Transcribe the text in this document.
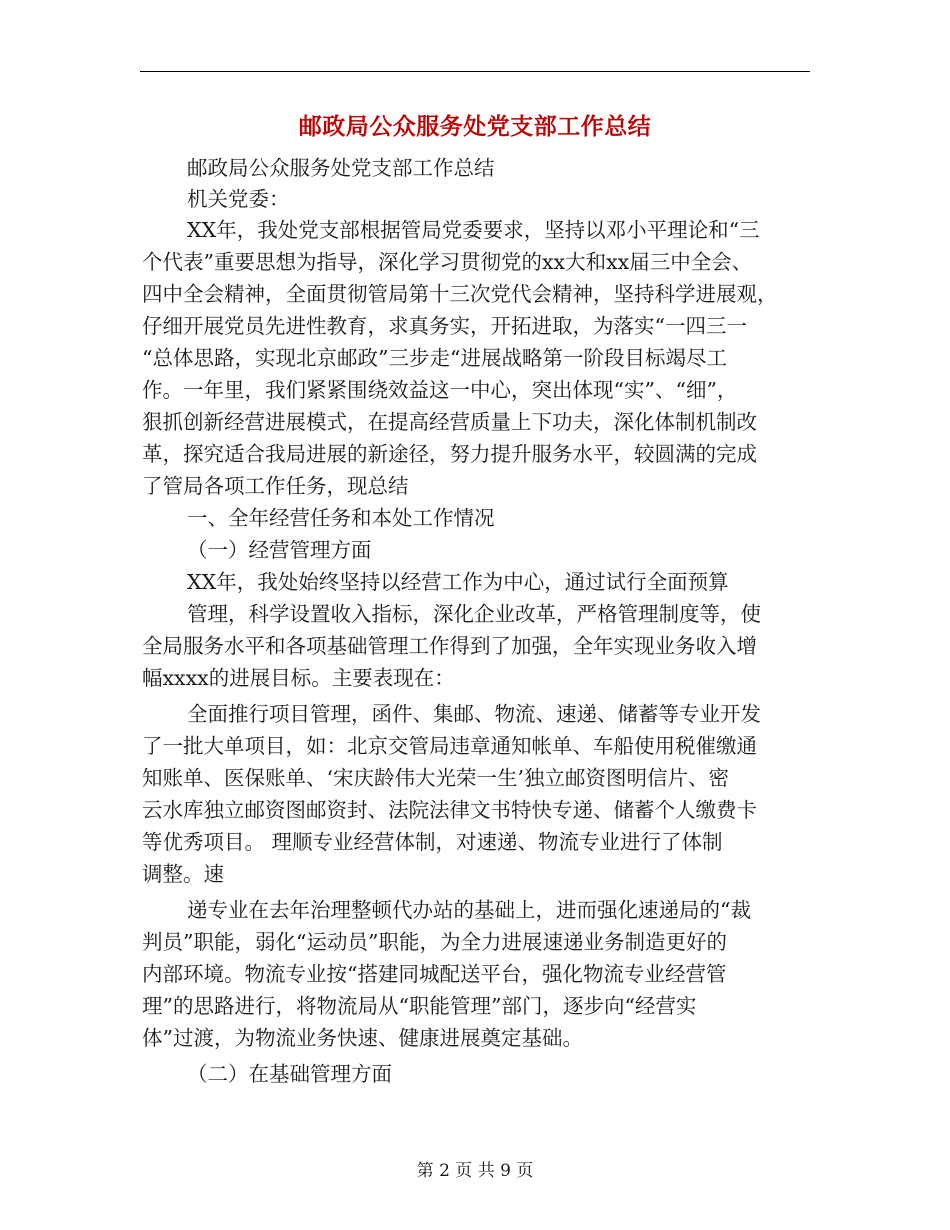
邮政局公众服务处党支部工作总结
邮政局公众服务处党支部工作总结
机关党委：
XX年，我处党支部根据管局党委要求，坚持以邓小平理论和“三
个代表”重要思想为指导，深化学习贯彻党的xx大和xx届三中全会、
四中全会精神，全面贯彻管局第十三次党代会精神，坚持科学进展观，
仔细开展党员先进性教育，求真务实，开拓进取，为落实“一四三一
“总体思路，实现北京邮政”三步走“进展战略第一阶段目标竭尽工
作。一年里，我们紧紧围绕效益这一中心，突出体现“实”、“细”，
狠抓创新经营进展模式，在提高经营质量上下功夫，深化体制机制改
革，探究适合我局进展的新途径，努力提升服务水平，较圆满的完成
了管局各项工作任务，现总结
一、全年经营任务和本处工作情况
（一）经营管理方面
XX年，我处始终坚持以经营工作为中心，通过试行全面预算
管理，科学设置收入指标，深化企业改革，严格管理制度等，使
全局服务水平和各项基础管理工作得到了加强，全年实现业务收入增
幅xxxx的进展目标。主要表现在：
全面推行项目管理，函件、集邮、物流、速递、储蓄等专业开发
了一批大单项目，如：北京交管局违章通知帐单、车船使用税催缴通
知账单、医保账单、‘宋庆龄伟大光荣一生’独立邮资图明信片、密
云水库独立邮资图邮资封、法院法律文书特快专递、储蓄个人缴费卡
等优秀项目。 理顺专业经营体制，对速递、物流专业进行了体制
调整。速
递专业在去年治理整顿代办站的基础上，进而强化速递局的“裁
判员”职能，弱化“运动员”职能，为全力进展速递业务制造更好的
内部环境。物流专业按“搭建同城配送平台，强化物流专业经营管
理”的思路进行，将物流局从“职能管理”部门，逐步向“经营实
体”过渡，为物流业务快速、健康进展奠定基础。
（二）在基础管理方面
第 2 页 共 9 页
